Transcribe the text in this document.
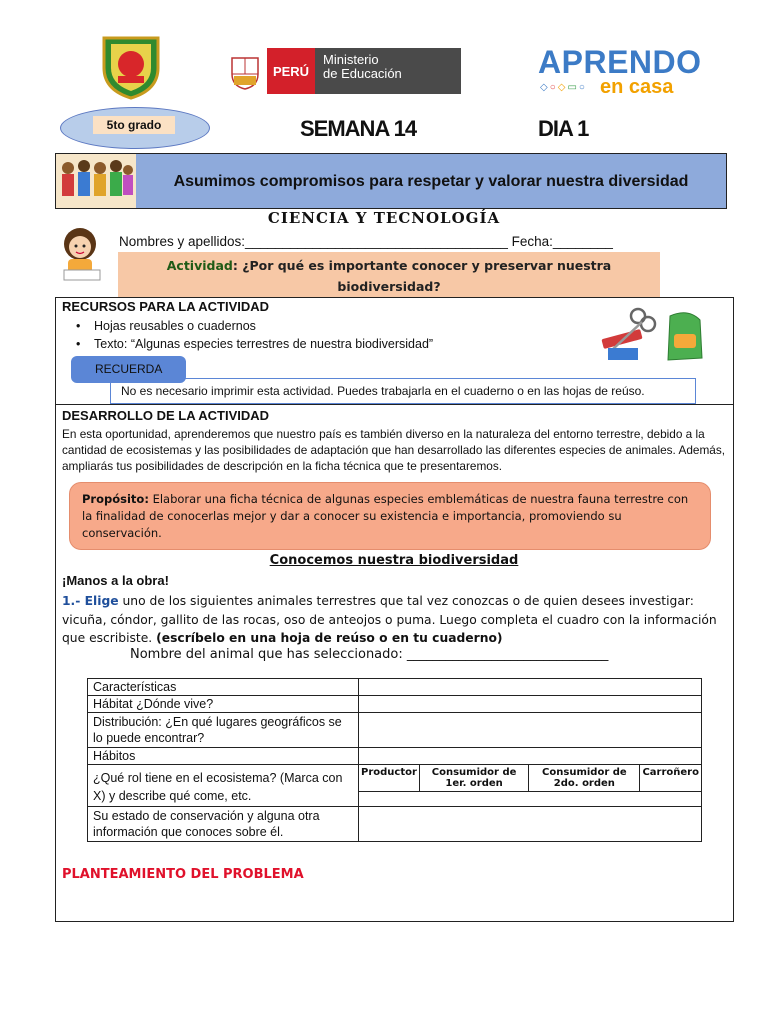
PERÚ
Ministerio
de Educación	APRENDO
◇○◇▭○ en casa
5to grado	SEMANA 14	DIA 1
Asumimos compromisos para respetar y valorar nuestra diversidad
CIENCIA Y TECNOLOGÍA
Nombres y apellidos:___________________________________ Fecha:________
Actividad: ¿Por qué es importante conocer y preservar nuestra biodiversidad?
RECURSOS PARA LA ACTIVIDAD
• Hojas reusables o cuadernos
• Texto: “Algunas especies terrestres de nuestra biodiversidad”
RECUERDA
No es necesario imprimir esta actividad. Puedes trabajarla en el cuaderno o en las hojas de reúso.
DESARROLLO DE LA ACTIVIDAD
En esta oportunidad, aprenderemos que nuestro país es también diverso en la naturaleza del entorno terrestre, debido a la cantidad de ecosistemas y las posibilidades de adaptación que han desarrollado las diferentes especies de animales. Además, ampliarás tus posibilidades de descripción en la ficha técnica que te presentaremos.
Propósito: Elaborar una ficha técnica de algunas especies emblemáticas de nuestra fauna terrestre con la finalidad de conocerlas mejor y dar a conocer su existencia e importancia, promoviendo su conservación.
Conocemos nuestra biodiversidad
¡Manos a la obra!
1.- Elige uno de los siguientes animales terrestres que tal vez conozcas o de quien desees investigar: vicuña, cóndor, gallito de las rocas, oso de anteojos o puma. Luego completa el cuadro con la información que escribiste. (escríbelo en una hoja de reúso o en tu cuaderno)
Nombre del animal que has seleccionado: _______________________________
Características				
Hábitat ¿Dónde vive?				
Distribución: ¿En qué lugares geográficos se lo puede encontrar?				
Hábitos				
¿Qué rol tiene en el ecosistema? (Marca con X) y describe qué come, etc.	Productor	Consumidor de 1er. orden	Consumidor de 2do. orden	Carroñero

Su estado de conservación y alguna otra información que conoces sobre él.				
PLANTEAMIENTO DEL PROBLEMA
